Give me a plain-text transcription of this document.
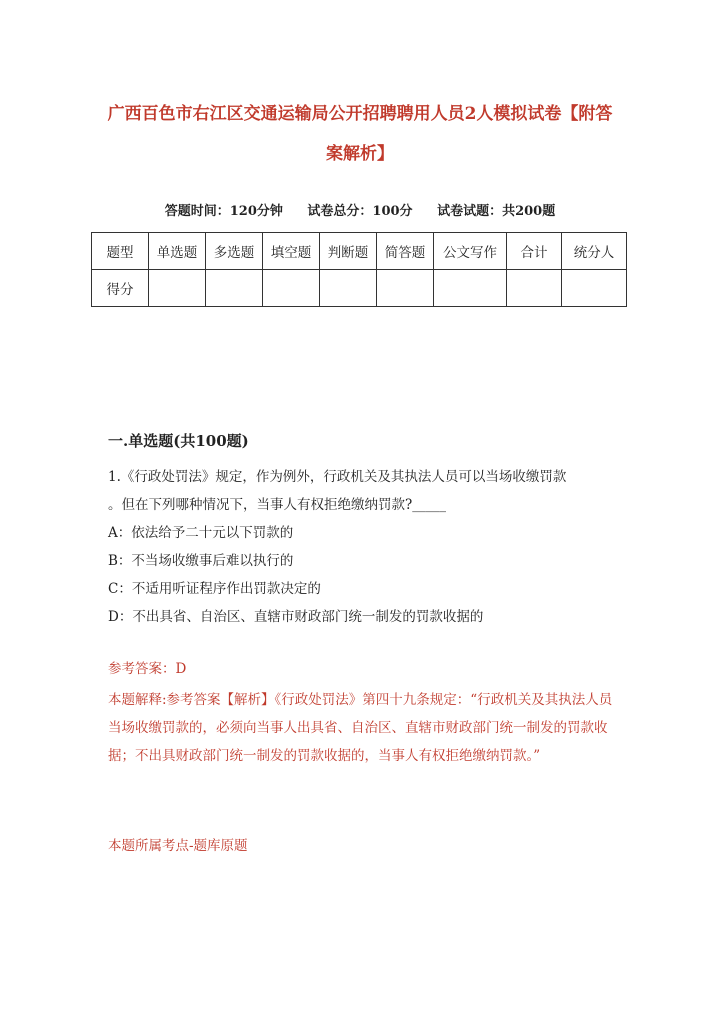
广西百色市右江区交通运输局公开招聘聘用人员2人模拟试卷【附答案解析】
答题时间：120分钟 试卷总分：100分 试卷试题：共200题
题型	单选题	多选题	填空题	判断题	简答题	公文写作	合计	统分人
得分								
一.单选题(共100题)
1.《行政处罚法》规定，作为例外，行政机关及其执法人员可以当场收缴罚款
。但在下列哪种情况下，当事人有权拒绝缴纳罚款?_____
A：依法给予二十元以下罚款的
B：不当场收缴事后难以执行的
C：不适用听证程序作出罚款决定的
D：不出具省、自治区、直辖市财政部门统一制发的罚款收据的
参考答案：D
本题解释:参考答案【解析】《行政处罚法》第四十九条规定：“行政机关及其执法人员当场收缴罚款的，必须向当事人出具省、自治区、直辖市财政部门统一制发的罚款收据；不出具财政部门统一制发的罚款收据的，当事人有权拒绝缴纳罚款。”
本题所属考点-题库原题
